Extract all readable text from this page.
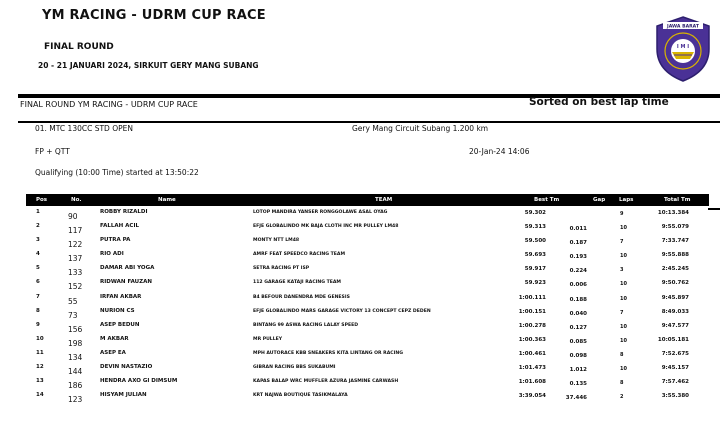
YM RACING - UDRM CUP RACE
FINAL ROUND
20 - 21 JANUARI 2024, SIRKUIT GERY MANG SUBANG
JAWA BARAT
I M I
FINAL ROUND YM RACING - UDRM CUP RACE	Sorted on best lap time
01. MTC 130CC STD OPEN	Gery Mang Circuit Subang 1.200 km
FP + QTT	20-Jan-24 14:06
Qualifying (10:00 Time) started at 13:50:22
Pos	No.	Name	TEAM	Best Tm	Gap	Laps	Total Tm
1	90	ROBBY RIZALDI	LOTOP MANDIRA YANSER RONGGOLAWE ASAL OYAG	59.302	9	10:13.384
2	117	FALLAH ACIL	EFJE GLOBALINDO MK BAJA CLOTH INC MR PULLEY LM48	59.313	0.011	10	9:55.079
3	122	PUTRA PA	MONTY NTT LM48	59.500	0.187	7	7:33.747
4	137	RIO ADI	AMRF FEAT SPEEDCO RACING TEAM	59.693	0.193	10	9:55.888
5	133	DAMAR ABI YOGA	SETRA RACING PT ISP	59.917	0.224	3	2:45.245
6	152	RIDWAN FAUZAN	112 GARAGE KATAJI RACING TEAM	59.923	0.006	10	9:50.762
7	55	IRFAN AKBAR	B4 BEFOUR DANENDRA MDE GENESIS	1:00.111	0.188	10	9:45.897
8	73	NURION CS	EFJE GLOBALINDO MARS GARAGE VICTORY 13 CONCEPT CEPZ DEDEN	1:00.151	0.040	7	8:49.033
9	156	ASEP BEDUN	BINTANG 99 ASWA RACING LALAY SPEED	1:00.278	0.127	10	9:47.577
10	198	M AKBAR	MR PULLEY	1:00.363	0.085	10	10:05.181
11	134	ASEP EA	MPH AUTORACE KBB SNEAKERS KITA LINTANG OR RACING	1:00.461	0.098	8	7:52.675
12	144	DEVIN NASTAZIO	GIBRAN RACING BBS SUKABUMI	1:01.473	1.012	10	9:45.157
13	186	HENDRA AXO GI DIMSUM	KAPAS BALAP WRC MUFFLER AZURA JASMINE CARWASH	1:01.608	0.135	8	7:57.462
14	123	HISYAM JULIAN	KRT NAJWA BOUTIQUE TASIKMALAYA	3:39.054	37.446	2	3:55.380
